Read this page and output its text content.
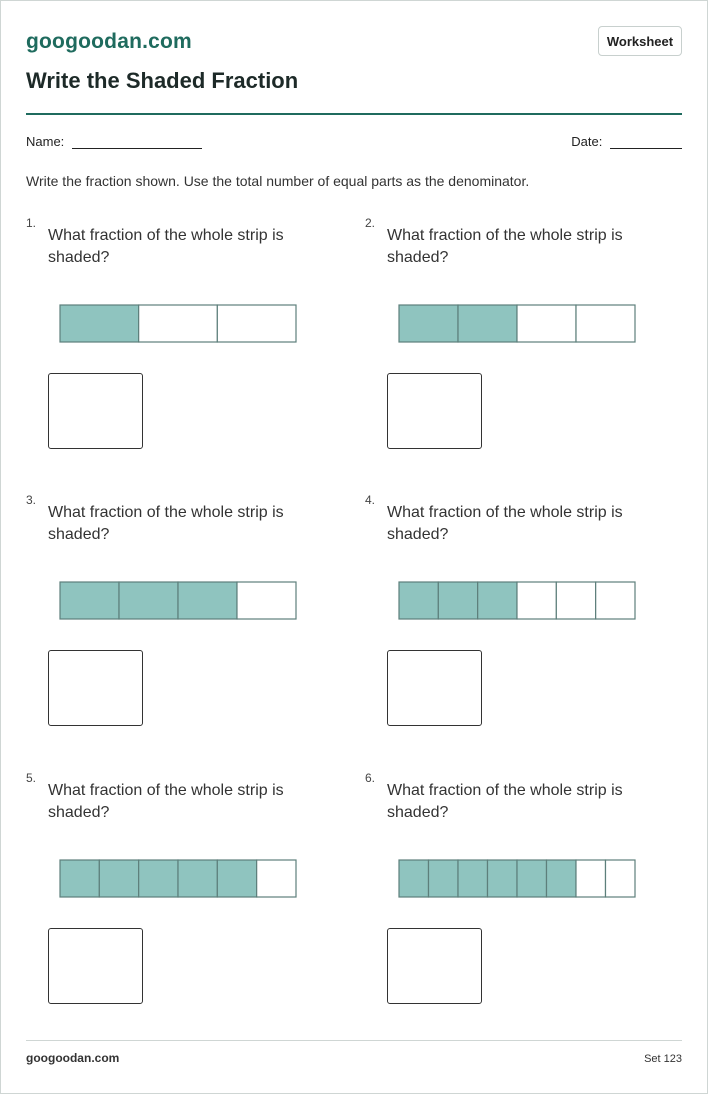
googoodan.com	Worksheet
Write the Shaded Fraction
Name:	Date:
Write the fraction shown. Use the total number of equal parts as the denominator.
1.
What fraction of the whole strip is shaded?
2.
What fraction of the whole strip is shaded?
3.
What fraction of the whole strip is shaded?
4.
What fraction of the whole strip is shaded?
5.
What fraction of the whole strip is shaded?
6.
What fraction of the whole strip is shaded?
googoodan.com	Set 123
